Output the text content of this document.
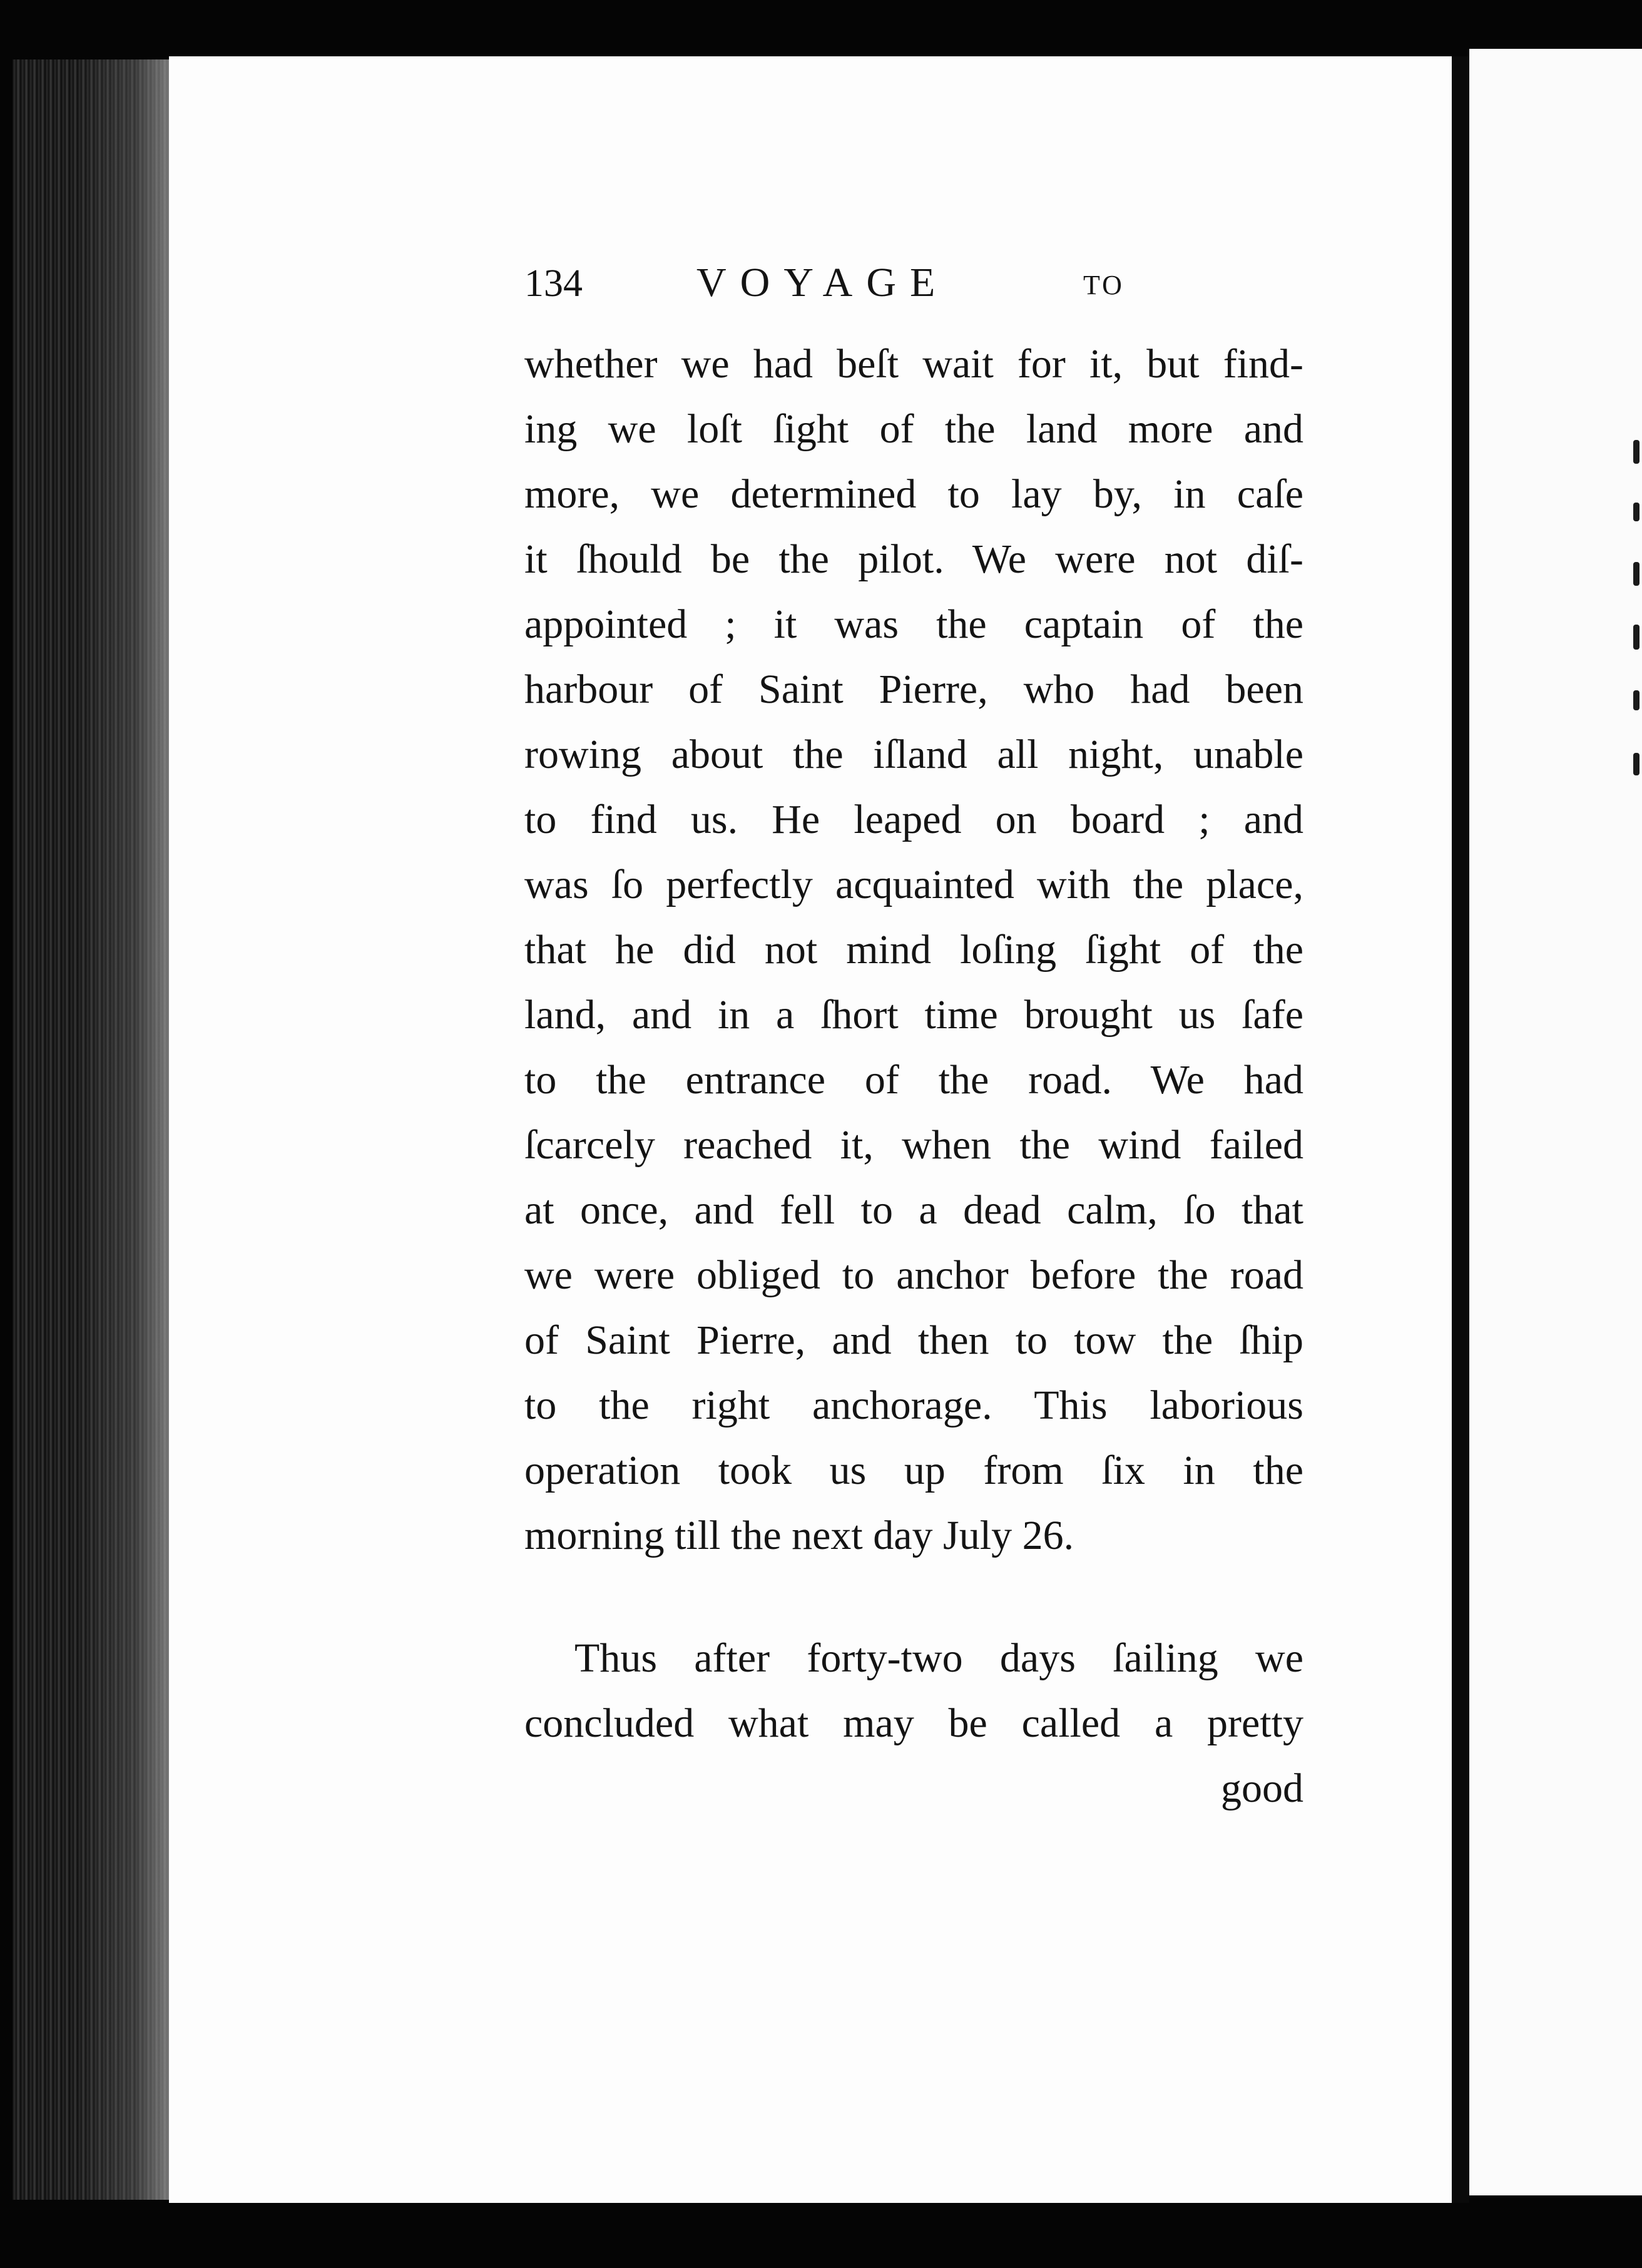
134	VOYAGE	TO
whether we had beſt wait for it, but find-
ing we loſt ſight of the land more and
more, we determined to lay by, in caſe
it ſhould be the pilot. We were not diſ-
appointed ; it was the captain of the
harbour of Saint Pierre, who had been
rowing about the iſland all night, unable
to find us. He leaped on board ; and
was ſo perfectly acquainted with the place,
that he did not mind loſing ſight of the
land, and in a ſhort time brought us ſafe
to the entrance of the road. We had
ſcarcely reached it, when the wind failed
at once, and fell to a dead calm, ſo that
we were obliged to anchor before the road
of Saint Pierre, and then to tow the ſhip
to the right anchorage. This laborious
operation took us up from ſix in the
morning till the next day July 26.
Thus after forty-two days ſailing we
concluded what may be called a pretty
good
